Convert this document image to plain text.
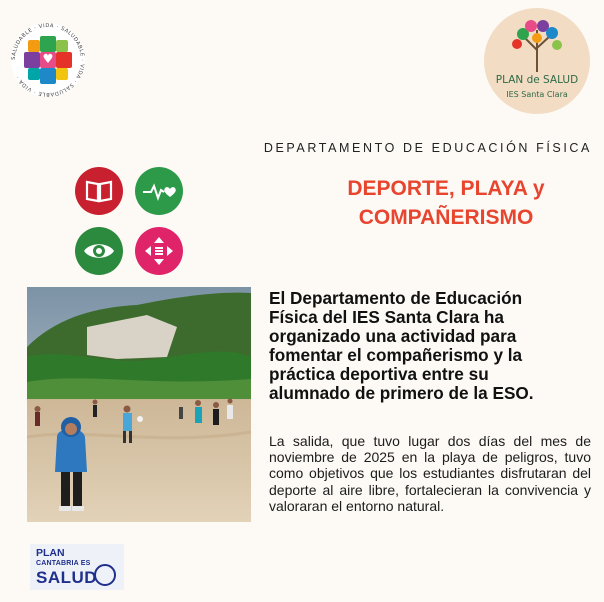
SALUDABLE · VIDA · SALUDABLE · VIDA · SALUDABLE · VIDA ·	PLAN de SALUD
IES Santa Clara
DEPARTAMENTO DE EDUCACIÓN FÍSICA
DEPORTE, PLAYA y
COMPAÑERISMO
El Departamento de Educación
Física del IES Santa Clara ha
organizado una actividad para
fomentar el compañerismo y la
práctica deportiva entre su
alumnado de primero de la ESO.
La salida, que tuvo lugar dos días del mes de noviembre de 2025 en la playa de peligros, tuvo como objetivos que los estudiantes disfrutaran del deporte al aire libre, fortalecieran la convivencia y valoraran el entorno natural.
PLAN
CANTABRIA ES
SALUD
